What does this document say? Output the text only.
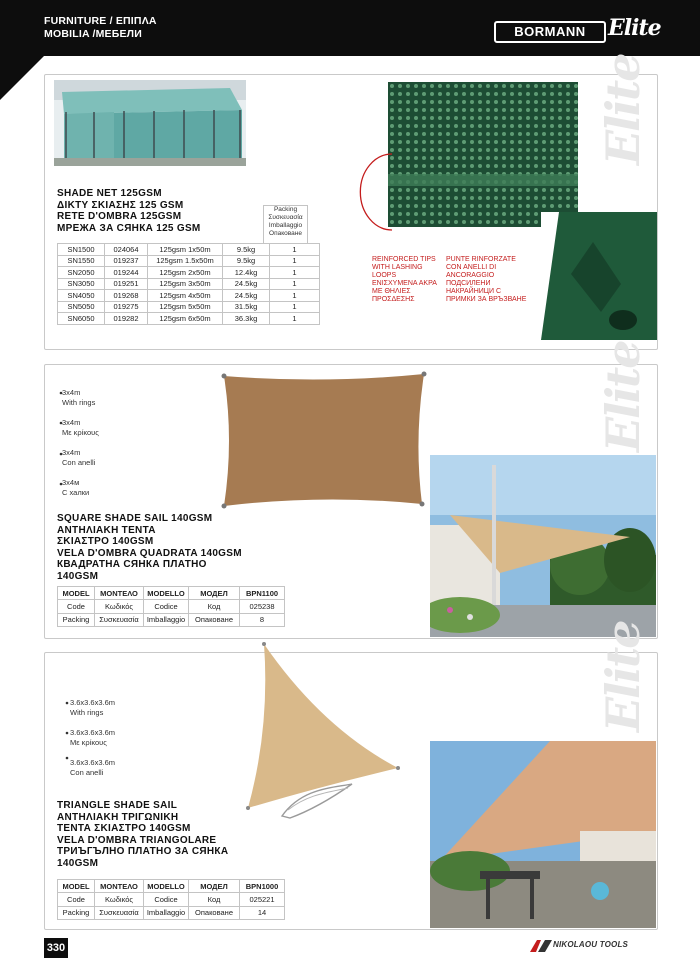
FURNITURE / ΕΠΙΠΛΑ
MOBILIA /МЕБЕЛИ	BORMANN	Elite
Elite
SHADE NET 125GSM
ΔΙΚΤΥ ΣΚΙΑΣΗΣ 125 GSM
RETE D'OMBRA 125GSM
МРЕЖА ЗА СЯНКА 125 GSM
Packing
Συσκευασία
Imballaggio
Опаковане
SN1500	024064	125gsm 1x50m	9.5kg	1
SN1550	019237	125gsm 1.5x50m	9.5kg	1
SN2050	019244	125gsm 2x50m	12.4kg	1
SN3050	019251	125gsm 3x50m	24.5kg	1
SN4050	019268	125gsm 4x50m	24.5kg	1
SN5050	019275	125gsm 5x50m	31.5kg	1
SN6050	019282	125gsm 6x50m	36.3kg	1
REINFORCED TIPS
WITH LASHING
LOOPS
ΕΝΙΣΧΥΜΕΝΑ ΑΚΡΑ
ΜΕ ΘΗΛΙΕΣ
ΠΡΟΣΔΕΣΗΣ
PUNTE RINFORZATE
CON ANELLI DI
ANCORAGGIO
ПОДСИЛЕНИ
НАКРАЙНИЦИ С
ПРИМКИ ЗА ВРЪЗВАНЕ
Elite
3x4m
With rings
3x4m
Με κρίκους
3x4m
Con anelli
3x4м
С халки
SQUARE SHADE SAIL 140GSM
ΑΝΤΗΛΙΑΚΗ ΤΕΝΤΑ
ΣΚΙΑΣΤΡΟ 140GSM
VELA D'OMBRA QUADRATA 140GSM
КВАДРАТНА СЯНКА ПЛАТНО
140GSM
MODEL	ΜΟΝΤΕΛΟ	MODELLO	МОДЕЛ	BPN1100
Code	Κωδικός	Codice	Код	025238
Packing	Συσκευασία	Imballaggio	Опаковане	8
Elite
3.6x3.6x3.6m
With rings
3.6x3.6x3.6m
Με κρίκους
3.6x3.6x3.6m
Con anelli
TRIANGLE SHADE SAIL
ΑΝΤΗΛΙΑΚΗ ΤΡΙΓΩΝΙΚΗ
ΤΕΝΤΑ ΣΚΙΑΣΤΡΟ 140GSM
VELA D'OMBRA TRIANGOLARE
ТРИЪГЪЛНО ПЛАТНО ЗА СЯНКА
140GSM
MODEL	ΜΟΝΤΕΛΟ	MODELLO	МОДЕЛ	BPN1000
Code	Κωδικός	Codice	Код	025221
Packing	Συσκευασία	Imballaggio	Опаковане	14
330	NIKOLAOU TOOLS
